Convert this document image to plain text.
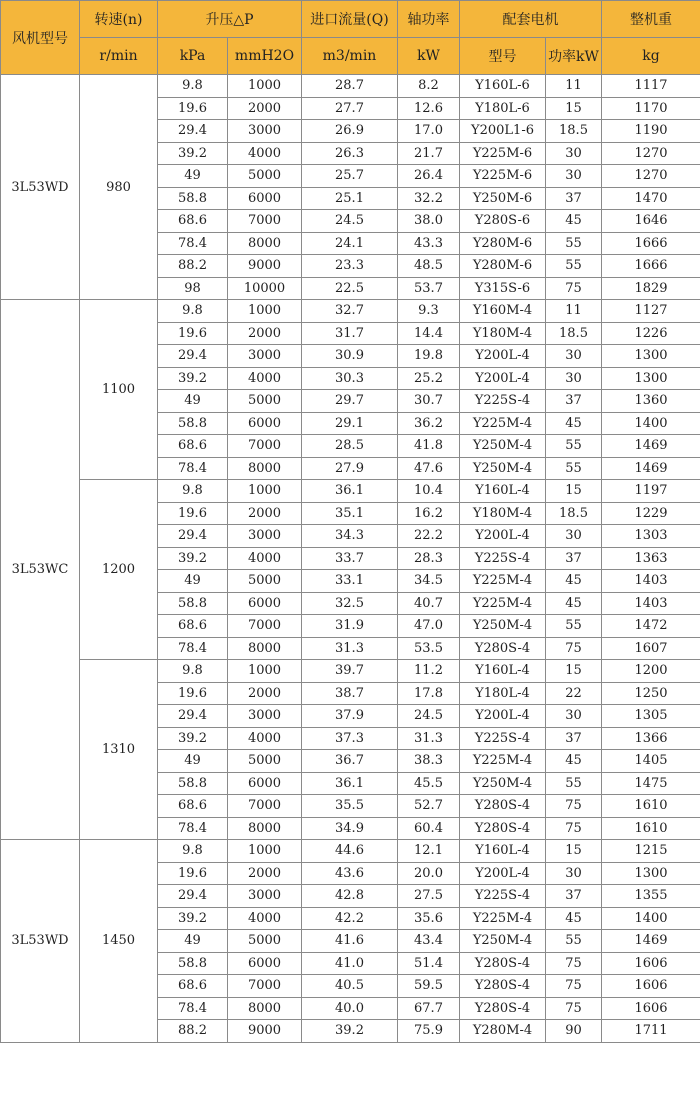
风机型号	转速(n)	升压△P		进口流量(Q)	轴功率	配套电机		整机重
	r/min	kPa	mmH2O	m3/min	kW	型号	功率kW	kg
3L53WD	980	9.8	1000	28.7	8.2	Y160L-6	11	1117
		19.6	2000	27.7	12.6	Y180L-6	15	1170
		29.4	3000	26.9	17.0	Y200L1-6	18.5	1190
		39.2	4000	26.3	21.7	Y225M-6	30	1270
		49	5000	25.7	26.4	Y225M-6	30	1270
		58.8	6000	25.1	32.2	Y250M-6	37	1470
		68.6	7000	24.5	38.0	Y280S-6	45	1646
		78.4	8000	24.1	43.3	Y280M-6	55	1666
		88.2	9000	23.3	48.5	Y280M-6	55	1666
		98	10000	22.5	53.7	Y315S-6	75	1829
3L53WC	1100	9.8	1000	32.7	9.3	Y160M-4	11	1127
		19.6	2000	31.7	14.4	Y180M-4	18.5	1226
		29.4	3000	30.9	19.8	Y200L-4	30	1300
		39.2	4000	30.3	25.2	Y200L-4	30	1300
		49	5000	29.7	30.7	Y225S-4	37	1360
		58.8	6000	29.1	36.2	Y225M-4	45	1400
		68.6	7000	28.5	41.8	Y250M-4	55	1469
		78.4	8000	27.9	47.6	Y250M-4	55	1469
	1200	9.8	1000	36.1	10.4	Y160L-4	15	1197
		19.6	2000	35.1	16.2	Y180M-4	18.5	1229
		29.4	3000	34.3	22.2	Y200L-4	30	1303
		39.2	4000	33.7	28.3	Y225S-4	37	1363
		49	5000	33.1	34.5	Y225M-4	45	1403
		58.8	6000	32.5	40.7	Y225M-4	45	1403
		68.6	7000	31.9	47.0	Y250M-4	55	1472
		78.4	8000	31.3	53.5	Y280S-4	75	1607
	1310	9.8	1000	39.7	11.2	Y160L-4	15	1200
		19.6	2000	38.7	17.8	Y180L-4	22	1250
		29.4	3000	37.9	24.5	Y200L-4	30	1305
		39.2	4000	37.3	31.3	Y225S-4	37	1366
		49	5000	36.7	38.3	Y225M-4	45	1405
		58.8	6000	36.1	45.5	Y250M-4	55	1475
		68.6	7000	35.5	52.7	Y280S-4	75	1610
		78.4	8000	34.9	60.4	Y280S-4	75	1610
3L53WD	1450	9.8	1000	44.6	12.1	Y160L-4	15	1215
		19.6	2000	43.6	20.0	Y200L-4	30	1300
		29.4	3000	42.8	27.5	Y225S-4	37	1355
		39.2	4000	42.2	35.6	Y225M-4	45	1400
		49	5000	41.6	43.4	Y250M-4	55	1469
		58.8	6000	41.0	51.4	Y280S-4	75	1606
		68.6	7000	40.5	59.5	Y280S-4	75	1606
		78.4	8000	40.0	67.7	Y280S-4	75	1606
		88.2	9000	39.2	75.9	Y280M-4	90	1711
